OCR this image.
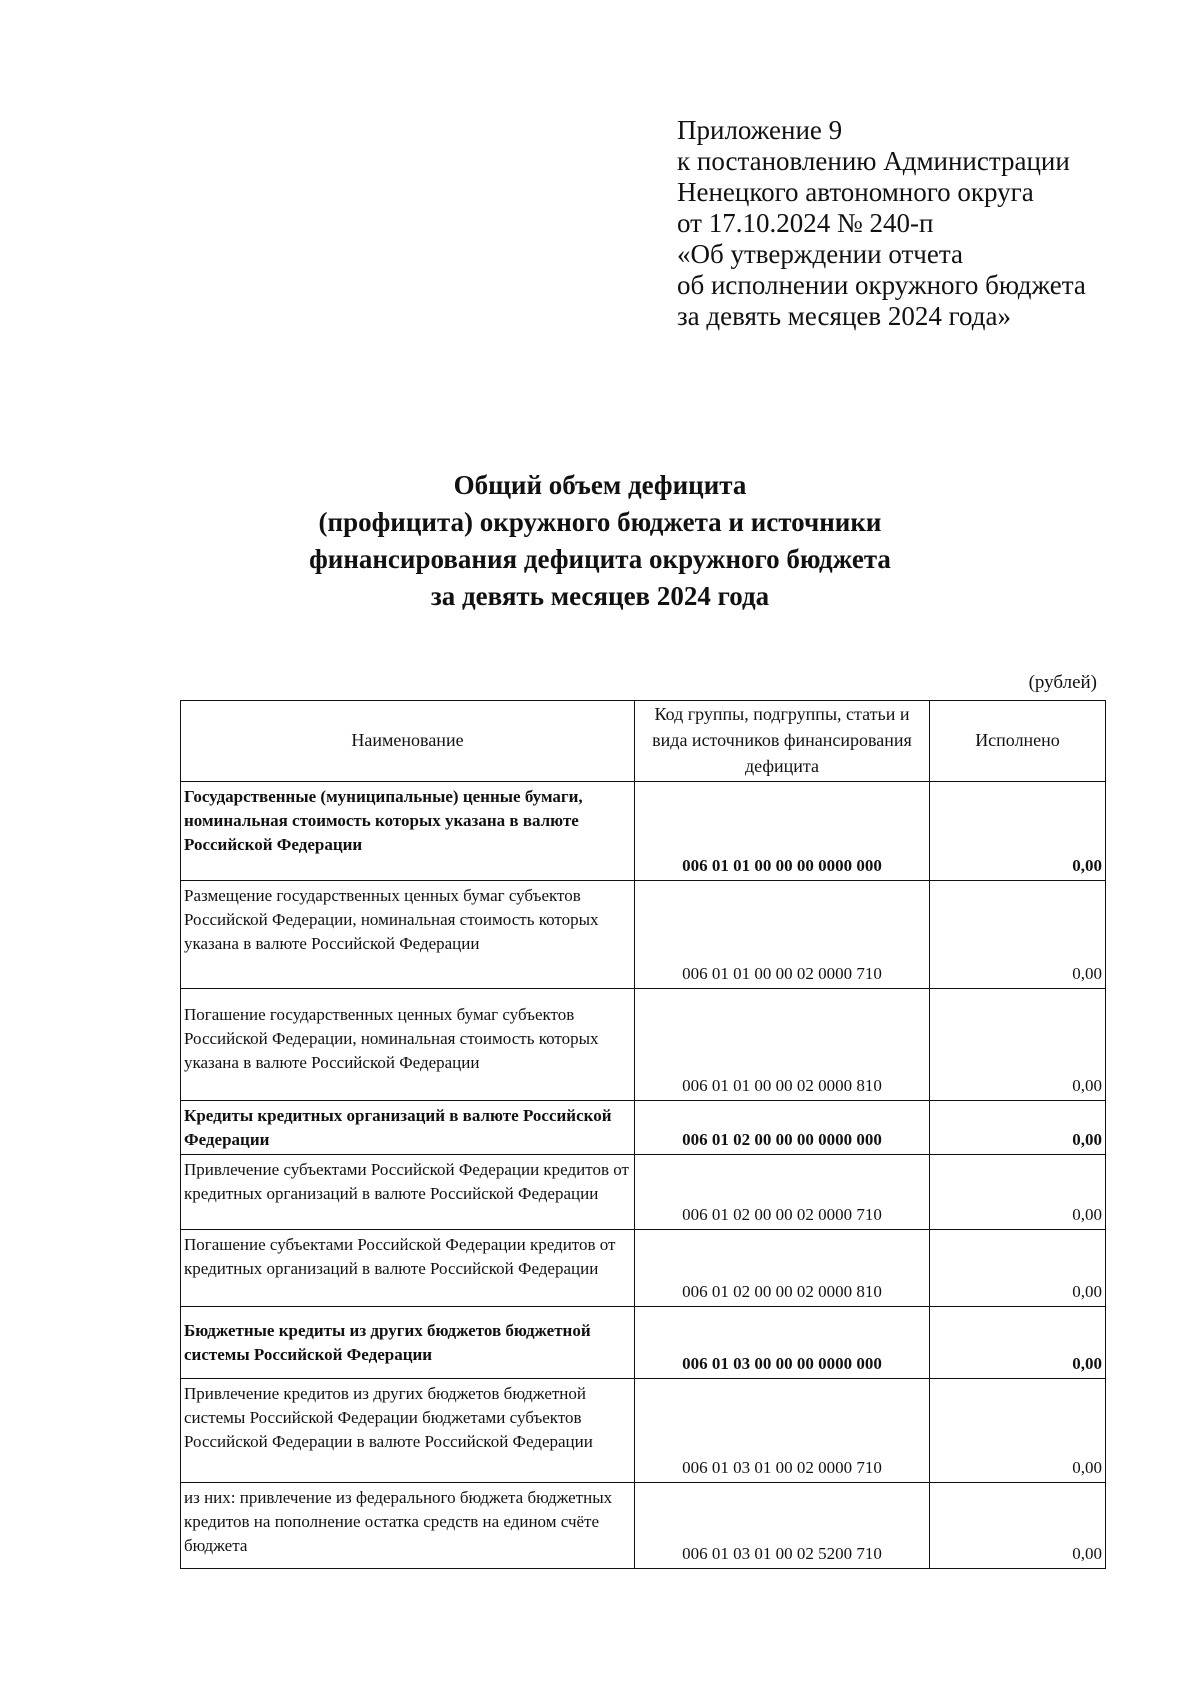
Приложение 9
к постановлению Администрации
Ненецкого автономного округа
от 17.10.2024 № 240-п
«Об утверждении отчета
об исполнении окружного бюджета
за девять месяцев 2024 года»
Общий объем дефицита
(профицита) окружного бюджета и источники
финансирования дефицита окружного бюджета
за девять месяцев 2024 года
(рублей)
Наименование	Код группы, подгруппы, статьи и вида источников финансирования дефицита	Исполнено
Государственные (муниципальные) ценные бумаги, номинальная стоимость которых указана в валюте Российской Федерации	006 01 01 00 00 00 0000 000	0,00
Размещение государственных ценных бумаг субъектов Российской Федерации, номинальная стоимость которых указана в валюте Российской Федерации	006 01 01 00 00 02 0000 710	0,00
Погашение государственных ценных бумаг субъектов Российской Федерации, номинальная стоимость которых указана в валюте Российской Федерации	006 01 01 00 00 02 0000 810	0,00
Кредиты кредитных организаций в валюте Российской Федерации	006 01 02 00 00 00 0000 000	0,00
Привлечение субъектами Российской Федерации кредитов от кредитных организаций в валюте Российской Федерации	006 01 02 00 00 02 0000 710	0,00
Погашение субъектами Российской Федерации кредитов от кредитных организаций в валюте Российской Федерации	006 01 02 00 00 02 0000 810	0,00
Бюджетные кредиты из других бюджетов бюджетной системы Российской Федерации	006 01 03 00 00 00 0000 000	0,00
Привлечение кредитов из других бюджетов бюджетной системы Российской Федерации бюджетами субъектов Российской Федерации в валюте Российской Федерации	006 01 03 01 00 02 0000 710	0,00
из них: привлечение из федерального бюджета бюджетных кредитов на пополнение остатка средств на едином счёте бюджета	006 01 03 01 00 02 5200 710	0,00
